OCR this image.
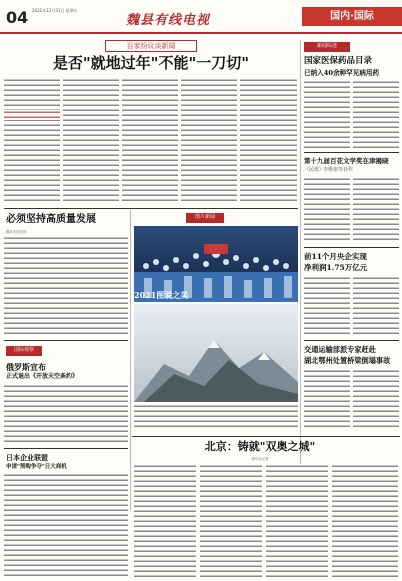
04 2021年12月31日 星期五
魏县有线电视	国内·国际
百家纷议谈新闻
是否"就地过年"不能"一刀切"
必须坚持高质量发展
魏县有线电视
国际观察
俄罗斯宣布
正式退出《开放天空条约》
日本企业联盟
申请"预购争夺"日大商机
图片新闻
2021图说之美
新闻综述
国家医保药品目录
已纳入40余种罕见病用药
第十九届百花文学奖在津揭晓
《民歌》·李维康等获奖
前11个月央企实现
净利润1.75万亿元
交通运输部派专家赶赴
湖北鄂州处置桥梁倒塌事故
北京：铸就"双奥之城"
新华社记者
